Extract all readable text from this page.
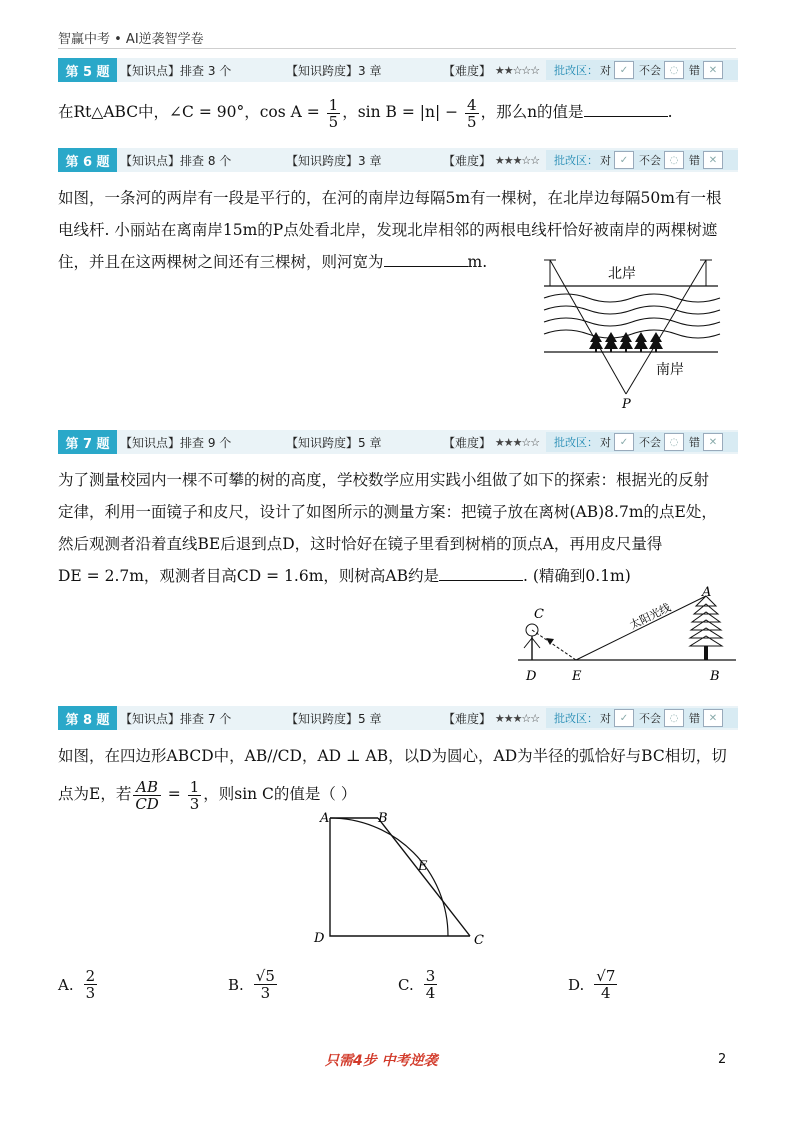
智赢中考 • AI逆袭智学卷
第 5 题 【知识点】 排查 3 个	【知识跨度】 3 章	【难度】
★★☆☆☆ 批改区： 对 ✓ 不会 ◌ 错 ✕
在Rt△ABC中，∠C = 90°，$\cos A = \frac{1}{5}$ ，$\sin B = |n| - \frac{4}{5}$ ，那么n的值是	.
第 6 题 【知识点】 排查 8 个	【知识跨度】 3 章	【难度】
★★★☆☆ 批改区： 对 ✓ 不会 ◌ 错 ✕
如图，一条河的两岸有一段是平行的，在河的南岸边每隔5m有一棵树，在北岸边每隔50m有一根
电线杆. 小丽站在离南岸15m的P点处看北岸，发现北岸相邻的两根电线杆恰好被南岸的两棵树遮
住，并且在这两棵树之间还有三棵树，则河宽为	m.
北岸
南岸
P
第 7 题 【知识点】 排查 9 个	【知识跨度】 5 章	【难度】
★★★☆☆ 批改区： 对 ✓ 不会 ◌ 错 ✕
为了测量校园内一棵不可攀的树的高度，学校数学应用实践小组做了如下的探索：根据光的反射
定律，利用一面镜子和皮尺，设计了如图所示的测量方案：把镜子放在离树(AB)8.7m的点E处，
然后观测者沿着直线BE后退到点D，这时恰好在镜子里看到树梢的顶点A，再用皮尺量得
DE = 2.7m，观测者目高CD = 1.6m，则树高AB约是	. (精确到0.1m)
太阳光线
C
D	E
A
B
第 8 题 【知识点】 排查 7 个	【知识跨度】 5 章	【难度】
★★★☆☆ 批改区： 对 ✓ 不会 ◌ 错 ✕
如图，在四边形ABCD中，AB//CD，AD ⊥ AB，以D为圆心，AD为半径的弧恰好与BC相切，切
点为E，若 $\frac{AB}{CD} = \frac{1}{3}$ ，则sin C的值是（ ）
A	B
E
D	C
A. $\frac{2}{3}$	B. $\frac{√5}{3}$	C. $\frac{3}{4}$	D. $\frac{√7}{4}$
只需4步 中考逆袭	2
